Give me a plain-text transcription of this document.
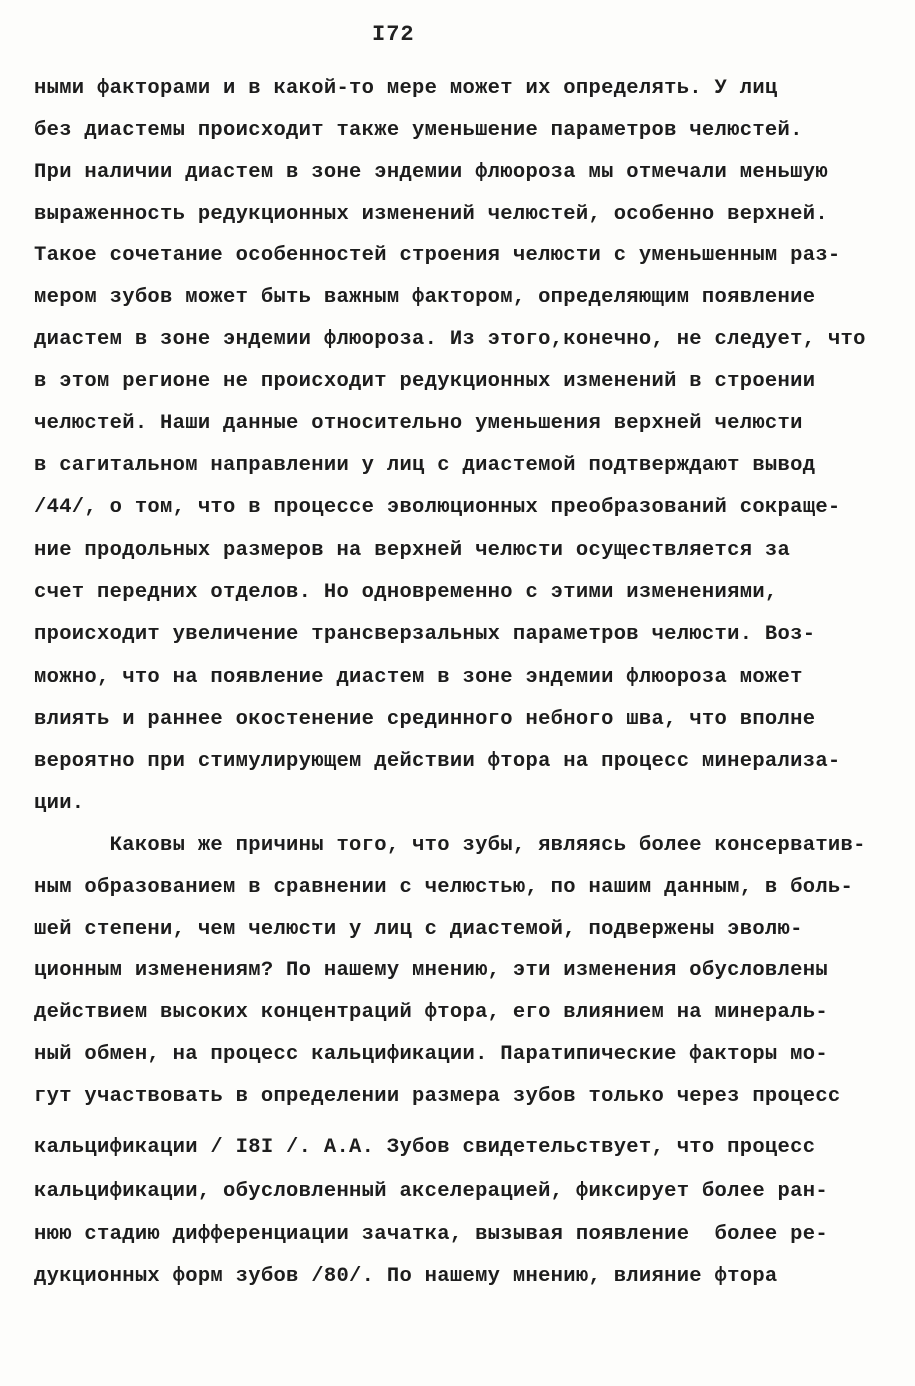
I72
ными факторами и в какой-то мере может их определять. У лиц
без диастемы происходит также уменьшение параметров челюстей.
При наличии диастем в зоне эндемии флюороза мы отмечали меньшую
выраженность редукционных изменений челюстей, особенно верхней.
Такое сочетание особенностей строения челюсти с уменьшенным раз-
мером зубов может быть важным фактором, определяющим появление
диастем в зоне эндемии флюороза. Из этого,конечно, не следует, что
в этом регионе не происходит редукционных изменений в строении
челюстей. Наши данные относительно уменьшения верхней челюсти
в сагитальном направлении у лиц с диастемой подтверждают вывод
/44/, о том, что в процессе эволюционных преобразований сокраще-
ние продольных размеров на верхней челюсти осуществляется за
счет передних отделов. Но одновременно с этими изменениями,
происходит увеличение трансверзальных параметров челюсти. Воз-
можно, что на появление диастем в зоне эндемии флюороза может
влиять и раннее окостенение срединного небного шва, что вполне
вероятно при стимулирующем действии фтора на процесс минерализа-
ции.
Каковы же причины того, что зубы, являясь более консерватив-
ным образованием в сравнении с челюстью, по нашим данным, в боль-
шей степени, чем челюсти у лиц с диастемой, подвержены эволю-
ционным изменениям? По нашему мнению, эти изменения обусловлены
действием высоких концентраций фтора, его влиянием на минераль-
ный обмен, на процесс кальцификации. Паратипические факторы мо-
гут участвовать в определении размера зубов только через процесс
кальцификации / I8I /. А.А. Зубов свидетельствует, что процесс
кальцификации, обусловленный акселерацией, фиксирует более ран-
нюю стадию дифференциации зачатка, вызывая появление  более ре-
дукционных форм зубов /80/. По нашему мнению, влияние фтора
